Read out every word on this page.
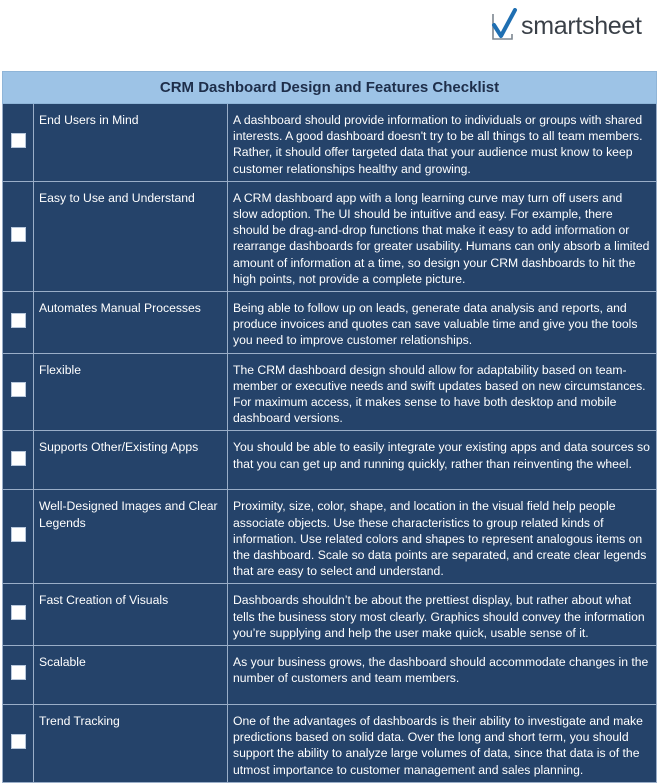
smartsheet
CRM Dashboard Design and Features Checklist		
	End Users in Mind	A dashboard should provide information to individuals or groups with shared interests. A good dashboard doesn't try to be all things to all team members. Rather, it should offer targeted data that your audience must know to keep customer relationships healthy and growing.
	Easy to Use and Understand	A CRM dashboard app with a long learning curve may turn off users and slow adoption. The UI should be intuitive and easy. For example, there should be drag-and-drop functions that make it easy to add information or rearrange dashboards for greater usability. Humans can only absorb a limited amount of information at a time, so design your CRM dashboards to hit the high points, not provide a complete picture.
	Automates Manual Processes	Being able to follow up on leads, generate data analysis and reports, and produce invoices and quotes can save valuable time and give you the tools you need to improve customer relationships.
	Flexible	The CRM dashboard design should allow for adaptability based on team-member or executive needs and swift updates based on new circumstances. For maximum access, it makes sense to have both desktop and mobile dashboard versions.
	Supports Other/Existing Apps	You should be able to easily integrate your existing apps and data sources so that you can get up and running quickly, rather than reinventing the wheel.
	Well-Designed Images and Clear Legends	Proximity, size, color, shape, and location in the visual field help people associate objects. Use these characteristics to group related kinds of information. Use related colors and shapes to represent analogous items on the dashboard. Scale so data points are separated, and create clear legends that are easy to select and understand.
	Fast Creation of Visuals	Dashboards shouldn’t be about the prettiest display, but rather about what tells the business story most clearly. Graphics should convey the information you’re supplying and help the user make quick, usable sense of it.
	Scalable	As your business grows, the dashboard should accommodate changes in the number of customers and team members.
	Trend Tracking	One of the advantages of dashboards is their ability to investigate and make predictions based on solid data. Over the long and short term, you should support the ability to analyze large volumes of data, since that data is of the utmost importance to customer management and sales planning.
